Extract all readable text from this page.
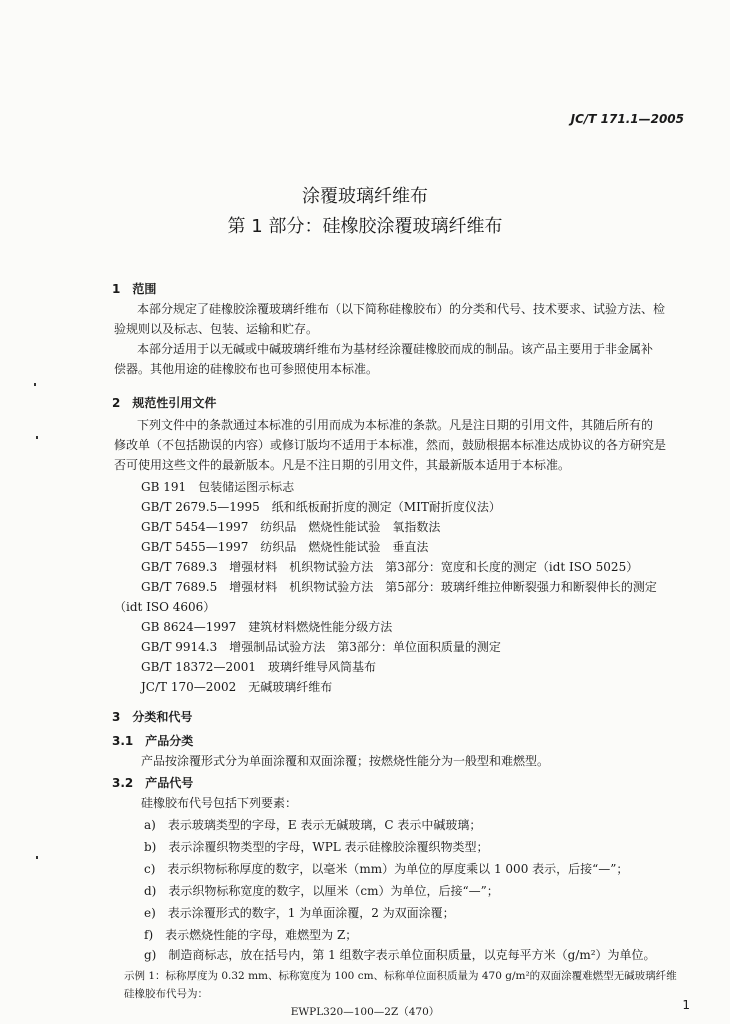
JC/T 171.1—2005
涂覆玻璃纤维布
第 1 部分：硅橡胶涂覆玻璃纤维布
1　范围
本部分规定了硅橡胶涂覆玻璃纤维布（以下简称硅橡胶布）的分类和代号、技术要求、试验方法、检
验规则以及标志、包装、运输和贮存。
本部分适用于以无碱或中碱玻璃纤维布为基材经涂覆硅橡胶而成的制品。该产品主要用于非金属补
偿器。其他用途的硅橡胶布也可参照使用本标准。
2　规范性引用文件
下列文件中的条款通过本标准的引用而成为本标准的条款。凡是注日期的引用文件，其随后所有的
修改单（不包括勘误的内容）或修订版均不适用于本标准，然而，鼓励根据本标准达成协议的各方研究是
否可使用这些文件的最新版本。凡是不注日期的引用文件，其最新版本适用于本标准。
GB 191　包装储运图示标志
GB/T 2679.5—1995　纸和纸板耐折度的测定（MIT耐折度仪法）
GB/T 5454—1997　纺织品　燃烧性能试验　氧指数法
GB/T 5455—1997　纺织品　燃烧性能试验　垂直法
GB/T 7689.3　增强材料　机织物试验方法　第3部分：宽度和长度的测定（idt ISO 5025）
GB/T 7689.5　增强材料　机织物试验方法　第5部分：玻璃纤维拉伸断裂强力和断裂伸长的测定
（idt ISO 4606）
GB 8624—1997　建筑材料燃烧性能分级方法
GB/T 9914.3　增强制品试验方法　第3部分：单位面积质量的测定
GB/T 18372—2001　玻璃纤维导风筒基布
JC/T 170—2002　无碱玻璃纤维布
3　分类和代号
3.1　产品分类
产品按涂覆形式分为单面涂覆和双面涂覆；按燃烧性能分为一般型和难燃型。
3.2　产品代号
硅橡胶布代号包括下列要素：
a)　表示玻璃类型的字母，E 表示无碱玻璃，C 表示中碱玻璃；
b)　表示涂覆织物类型的字母，WPL 表示硅橡胶涂覆织物类型；
c)　表示织物标称厚度的数字，以毫米（mm）为单位的厚度乘以 1 000 表示，后接“—”；
d)　表示织物标称宽度的数字，以厘米（cm）为单位，后接“—”；
e)　表示涂覆形式的数字，1 为单面涂覆，2 为双面涂覆；
f)　表示燃烧性能的字母，难燃型为 Z；
g)　制造商标志，放在括号内，第 1 组数字表示单位面积质量，以克每平方米（g/m²）为单位。
示例 1：标称厚度为 0.32 mm、标称宽度为 100 cm、标称单位面积质量为 470 g/m²的双面涂覆难燃型无碱玻璃纤维
硅橡胶布代号为：
EWPL320—100—2Z（470）	1
